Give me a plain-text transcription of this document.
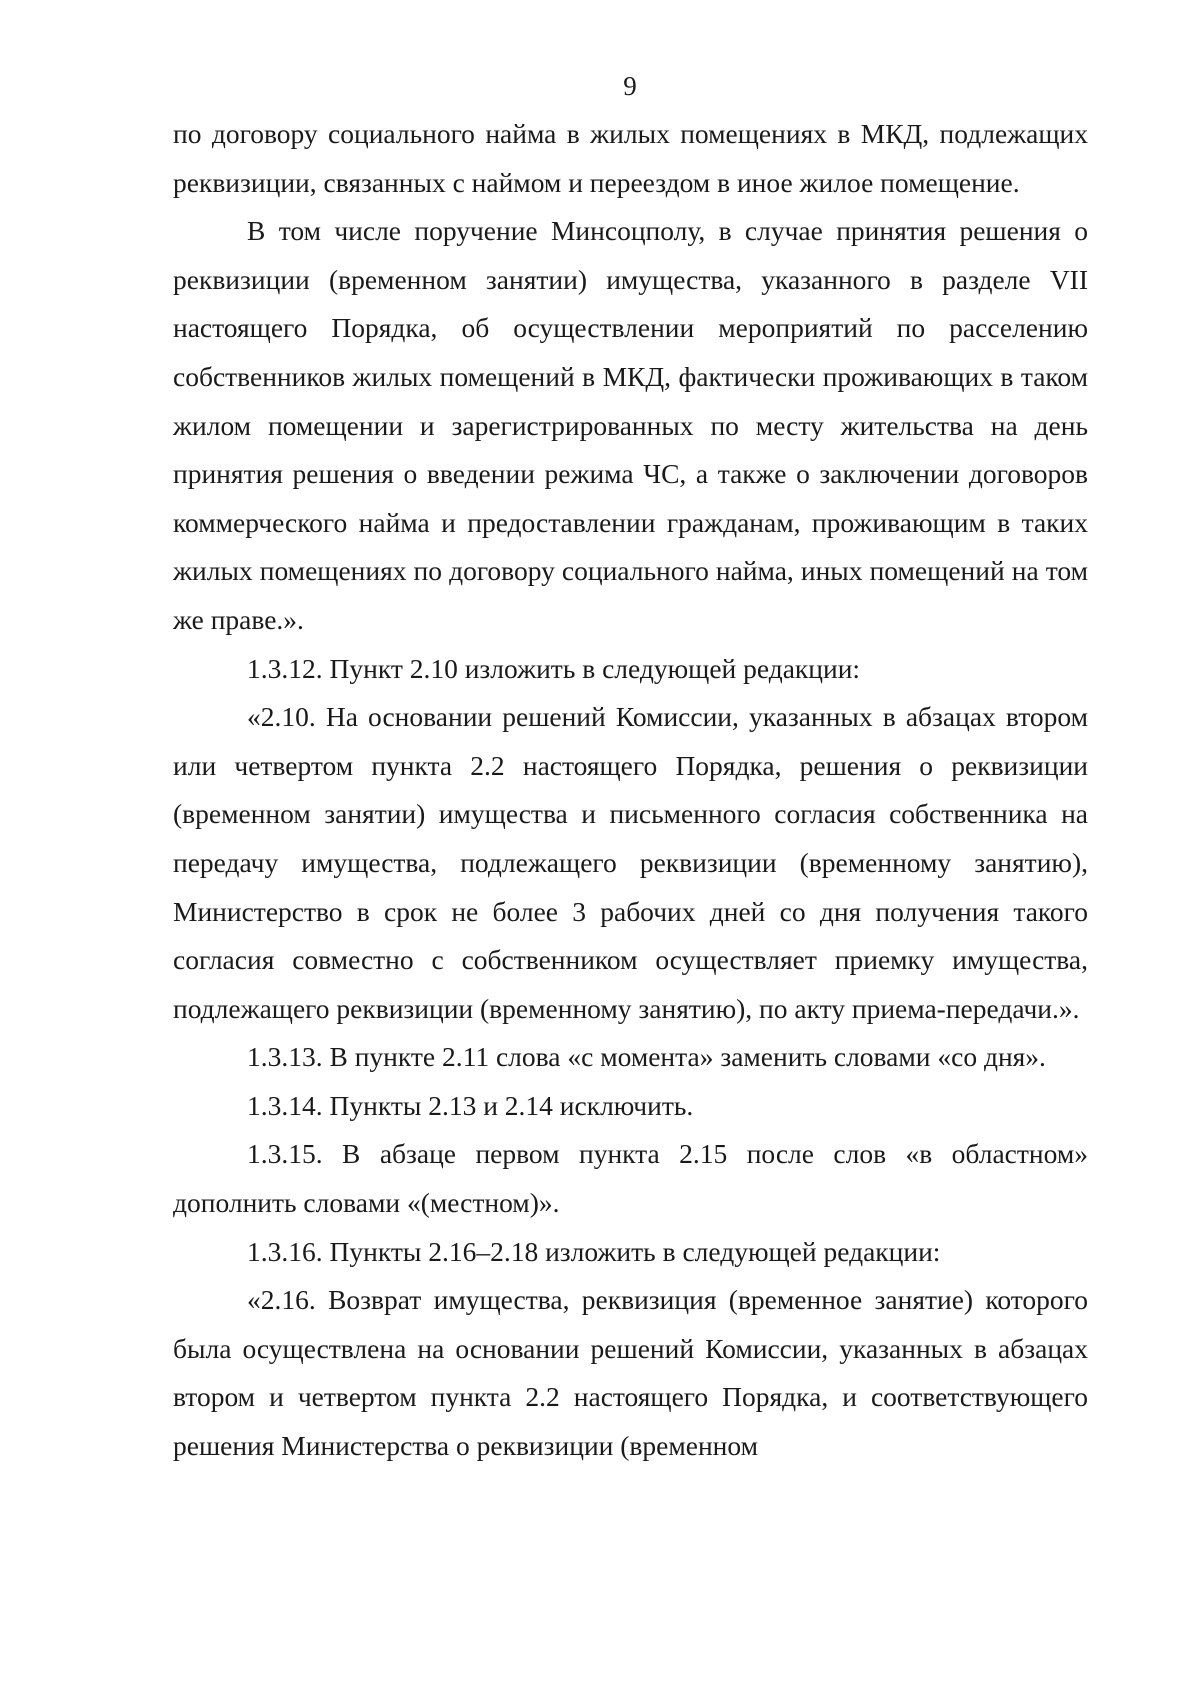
9

по договору социального найма в жилых помещениях в МКД, подлежащих реквизиции, связанных с наймом и переездом в иное жилое помещение.

В том числе поручение Минсоцполу, в случае принятия решения о реквизиции (временном занятии) имущества, указанного в разделе VII настоящего Порядка, об осуществлении мероприятий по расселению собственников жилых помещений в МКД, фактически проживающих в таком жилом помещении и зарегистрированных по месту жительства на день принятия решения о введении режима ЧС, а также о заключении договоров коммерческого найма и предоставлении гражданам, проживающим в таких жилых помещениях по договору социального найма, иных помещений на том же праве.».

1.3.12. Пункт 2.10 изложить в следующей редакции:

«2.10. На основании решений Комиссии, указанных в абзацах втором или четвертом пункта 2.2 настоящего Порядка, решения о реквизиции (временном занятии) имущества и письменного согласия собственника на передачу имущества, подлежащего реквизиции (временному занятию), Министерство в срок не более 3 рабочих дней со дня получения такого согласия совместно с собственником осуществляет приемку имущества, подлежащего реквизиции (временному занятию), по акту приема-передачи.».

1.3.13. В пункте 2.11 слова «с момента» заменить словами «со дня».

1.3.14. Пункты 2.13 и 2.14 исключить.

1.3.15. В абзаце первом пункта 2.15 после слов «в областном» дополнить словами «(местном)».

1.3.16. Пункты 2.16–2.18 изложить в следующей редакции:

«2.16. Возврат имущества, реквизиция (временное занятие) которого была осуществлена на основании решений Комиссии, указанных в абзацах втором и четвертом пункта 2.2 настоящего Порядка, и соответствующего решения Министерства о реквизиции (временном
